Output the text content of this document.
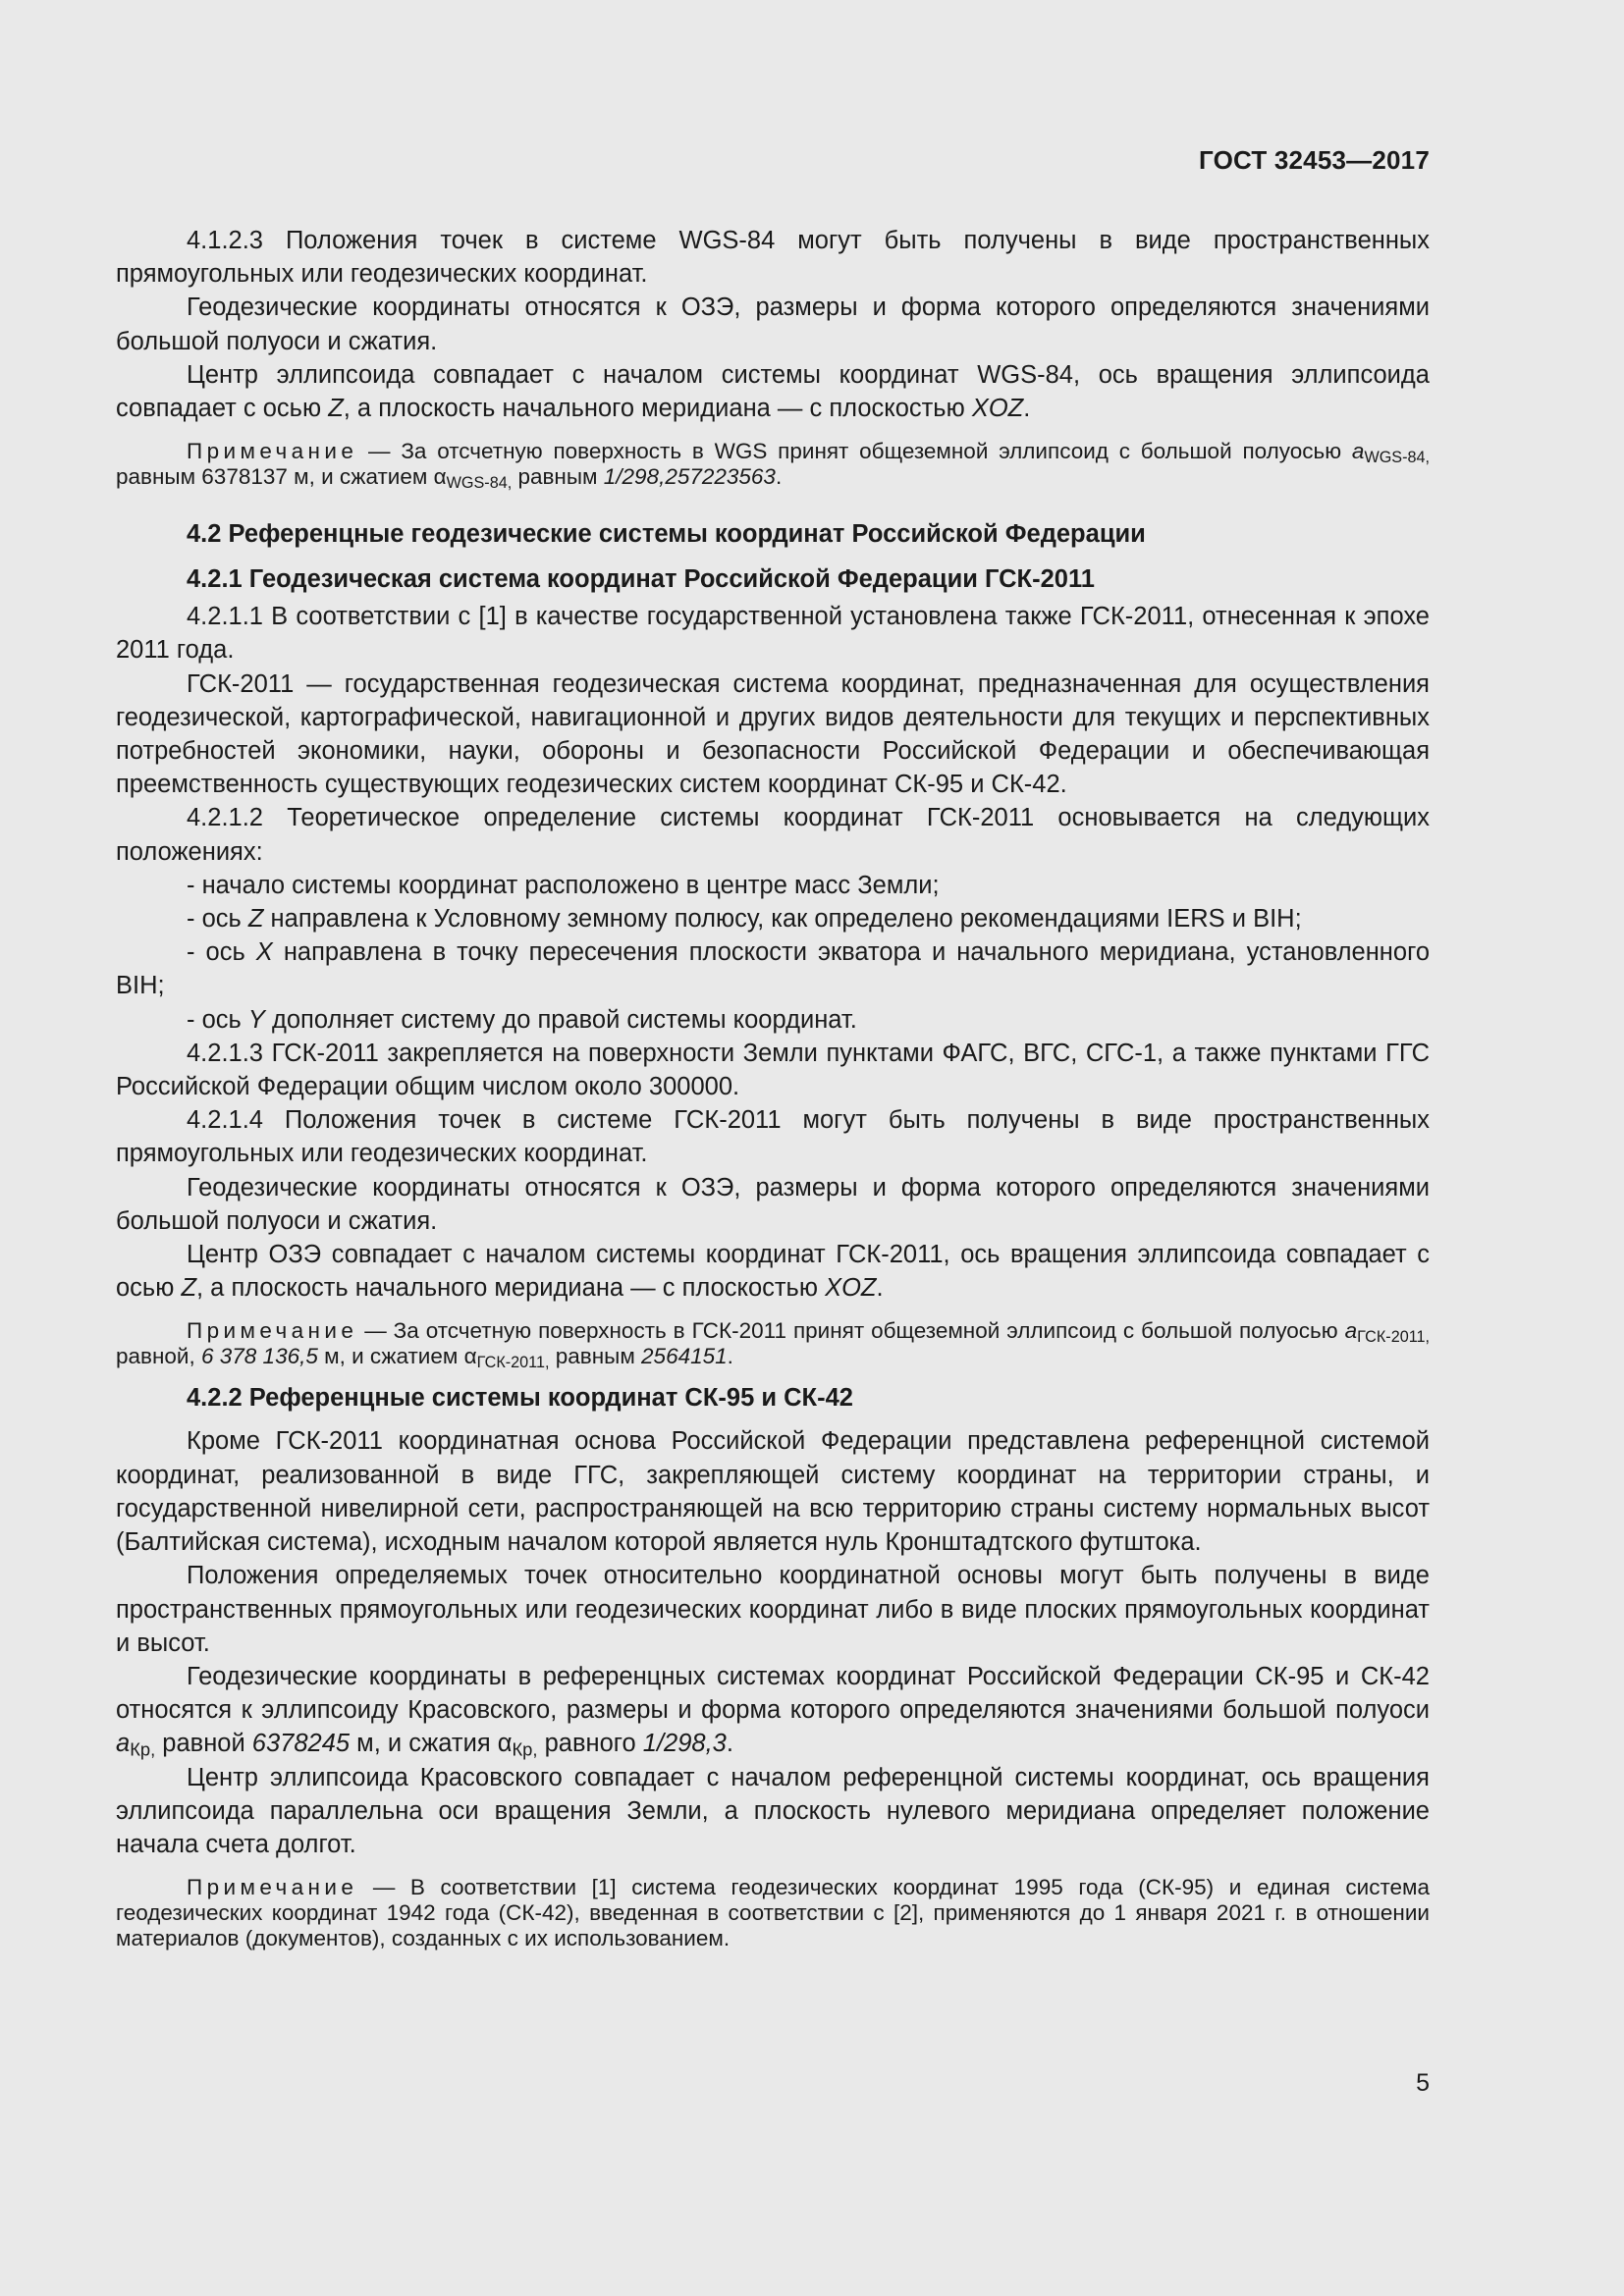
ГОСТ 32453—2017

4.1.2.3 Положения точек в системе WGS-84 могут быть получены в виде пространственных прямоугольных или геодезических координат.

Геодезические координаты относятся к ОЗЭ, размеры и форма которого определяются значениями большой полуоси и сжатия.

Центр эллипсоида совпадает с началом системы координат WGS-84, ось вращения эллипсоида совпадает с осью Z, а плоскость начального меридиана — с плоскостью XOZ.

Примечание — За отсчетную поверхность в WGS принят общеземной эллипсоид с большой полуосью $a_{WGS-84,}$ равным 6378137 м, и сжатием $\alpha_{WGS-84,}$ равным 1/298,257223563.

4.2 Референцные геодезические системы координат Российской Федерации
4.2.1 Геодезическая система координат Российской Федерации ГСК-2011

4.2.1.1 В соответствии с [1] в качестве государственной установлена также ГСК-2011, отнесенная к эпохе 2011 года.

ГСК-2011 — государственная геодезическая система координат, предназначенная для осуществления геодезической, картографической, навигационной и других видов деятельности для текущих и перспективных потребностей экономики, науки, обороны и безопасности Российской Федерации и обеспечивающая преемственность существующих геодезических систем координат СК-95 и СК-42.

4.2.1.2 Теоретическое определение системы координат ГСК-2011 основывается на следующих положениях:

- начало системы координат расположено в центре масс Земли;

- ось Z направлена к Условному земному полюсу, как определено рекомендациями IERS и BIH;

- ось X направлена в точку пересечения плоскости экватора и начального меридиана, установленного BIH;

- ось Y дополняет систему до правой системы координат.

4.2.1.3 ГСК-2011 закрепляется на поверхности Земли пунктами ФАГС, ВГС, СГС-1, а также пунктами ГГС Российской Федерации общим числом около 300000.

4.2.1.4 Положения точек в системе ГСК-2011 могут быть получены в виде пространственных прямоугольных или геодезических координат.

Геодезические координаты относятся к ОЗЭ, размеры и форма которого определяются значениями большой полуоси и сжатия.

Центр ОЗЭ совпадает с началом системы координат ГСК-2011, ось вращения эллипсоида совпадает с осью Z, а плоскость начального меридиана — с плоскостью XOZ.

Примечание — За отсчетную поверхность в ГСК-2011 принят общеземной эллипсоид с большой полуосью $a_{ГСК-2011,}$ равной, 6 378 136,5 м, и сжатием $\alpha_{ГСК-2011,}$ равным 2564151.

4.2.2 Референцные системы координат СК-95 и СК-42

Кроме ГСК-2011 координатная основа Российской Федерации представлена референцной системой координат, реализованной в виде ГГС, закрепляющей систему координат на территории страны, и государственной нивелирной сети, распространяющей на всю территорию страны систему нормальных высот (Балтийская система), исходным началом которой является нуль Кронштадтского футштока.

Положения определяемых точек относительно координатной основы могут быть получены в виде пространственных прямоугольных или геодезических координат либо в виде плоских прямоугольных координат и высот.

Геодезические координаты в референцных системах координат Российской Федерации СК-95 и СК-42 относятся к эллипсоиду Красовского, размеры и форма которого определяются значениями большой полуоси $a_{Кр,}$ равной 6378245 м, и сжатия $\alpha_{Кр,}$ равного 1/298,3.

Центр эллипсоида Красовского совпадает с началом референцной системы координат, ось вращения эллипсоида параллельна оси вращения Земли, а плоскость нулевого меридиана определяет положение начала счета долгот.

Примечание — В соответствии [1] система геодезических координат 1995 года (СК-95) и единая система геодезических координат 1942 года (СК-42), введенная в соответствии с [2], применяются до 1 января 2021 г. в отношении материалов (документов), созданных с их использованием.

5
